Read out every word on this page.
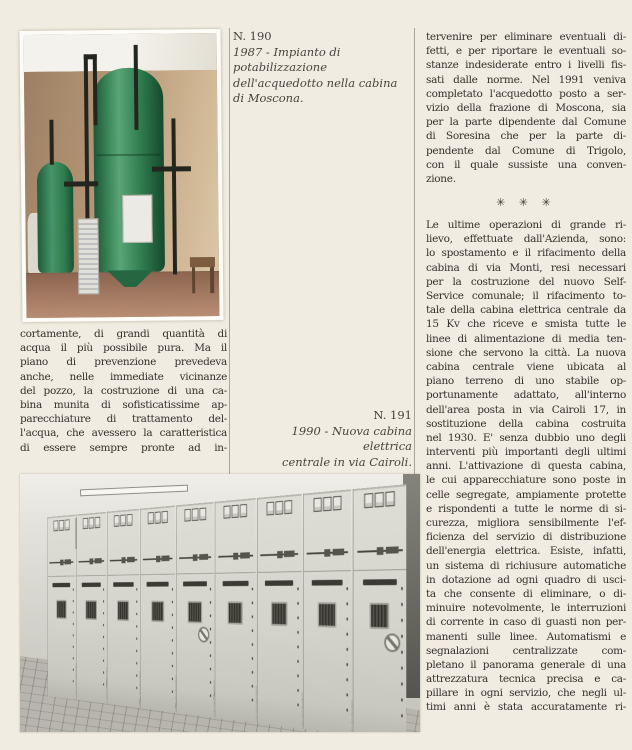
N. 190
1987 - Impianto di potabilizzazione
dell'acquedotto nella cabina
di Moscona.
cortamente, di grandi quantità di
acqua il più possibile pura. Ma il
piano di prevenzione prevedeva
anche, nelle immediate vicinanze
del pozzo, la costruzione di una ca-
bina munita di sofisticatissime ap-
parecchiature di trattamento del-
l'acqua, che avessero la caratteristica
di essere sempre pronte ad in-
N. 191
1990 - Nuova cabina elettrica
centrale in via Cairoli.
tervenire per eliminare eventuali di-
fetti, e per riportare le eventuali so-
stanze indesiderate entro i livelli fis-
sati dalle norme. Nel 1991 veniva
completato l'acquedotto posto a ser-
vizio della frazione di Moscona, sia
per la parte dipendente dal Comune
di Soresina che per la parte di-
pendente dal Comune di Trigolo,
con il quale sussiste una conven-
zione.
✳ ✳ ✳
Le ultime operazioni di grande ri-
lievo, effettuate dall'Azienda, sono:
lo spostamento e il rifacimento della
cabina di via Monti, resi necessari
per la costruzione del nuovo Self-
Service comunale; il rifacimento to-
tale della cabina elettrica centrale da
15 Kv che riceve e smista tutte le
linee di alimentazione di media ten-
sione che servono la città. La nuova
cabina centrale viene ubicata al
piano terreno di uno stabile op-
portunamente adattato, all'interno
dell'area posta in via Cairoli 17, in
sostituzione della cabina costruita
nel 1930. E' senza dubbio uno degli
interventi più importanti degli ultimi
anni. L'attivazione di questa cabina,
le cui apparecchiature sono poste in
celle segregate, ampiamente protette
e rispondenti a tutte le norme di si-
curezza, migliora sensibilmente l'ef-
ficienza del servizio di distribuzione
dell'energia elettrica. Esiste, infatti,
un sistema di richiusure automatiche
in dotazione ad ogni quadro di usci-
ta che consente di eliminare, o di-
minuire notevolmente, le interruzioni
di corrente in caso di guasti non per-
manenti sulle linee. Automatismi e
segnalazioni centralizzate com-
pletano il panorama generale di una
attrezzatura tecnica precisa e ca-
pillare in ogni servizio, che negli ul-
timi anni è stata accuratamente ri-
